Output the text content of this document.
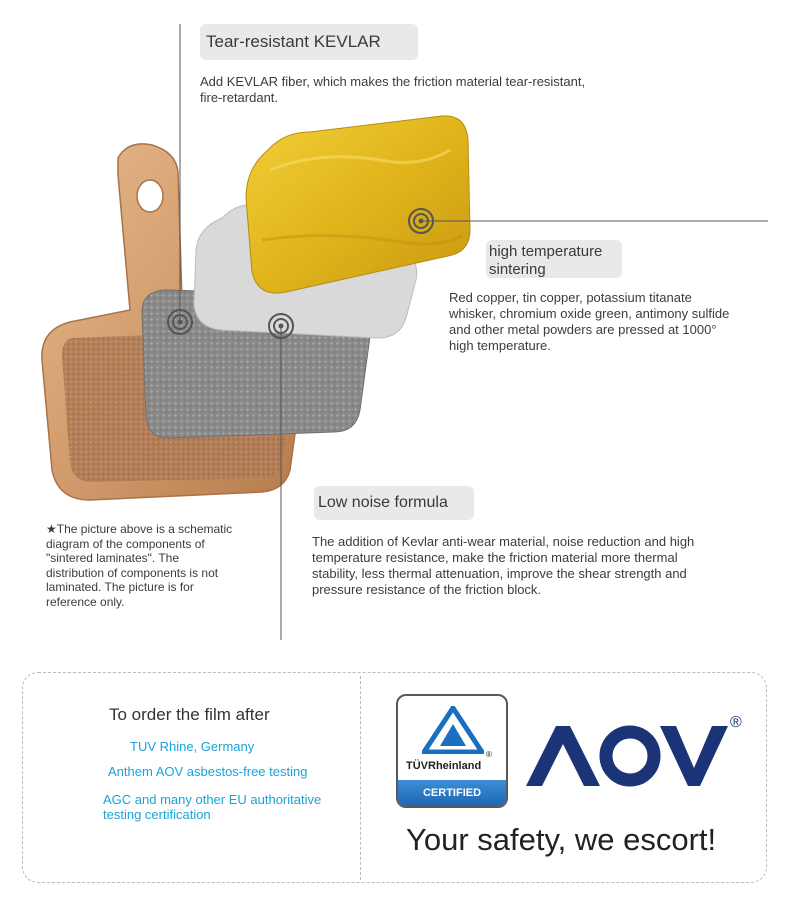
Tear-resistant KEVLAR
Add KEVLAR fiber, which makes the friction material tear-resistant,
fire-retardant.
high temperature
sintering
Red copper, tin copper, potassium titanate
whisker, chromium oxide green, antimony sulfide
and other metal powders are pressed at 1000°
high temperature.
Low noise formula
The addition of Kevlar anti-wear material, noise reduction and high
temperature resistance, make the friction material more thermal
stability, less thermal attenuation, improve the shear strength and
pressure resistance of the friction block.
★The picture above is a schematic
diagram of the components of
"sintered laminates". The
distribution of components is not
laminated. The picture is for
reference only.
To order the film after
TUV Rhine, Germany
Anthem AOV asbestos-free testing
AGC and many other EU authoritative
testing certification
TÜVRheinland
®
CERTIFIED
®
Your safety, we escort!
